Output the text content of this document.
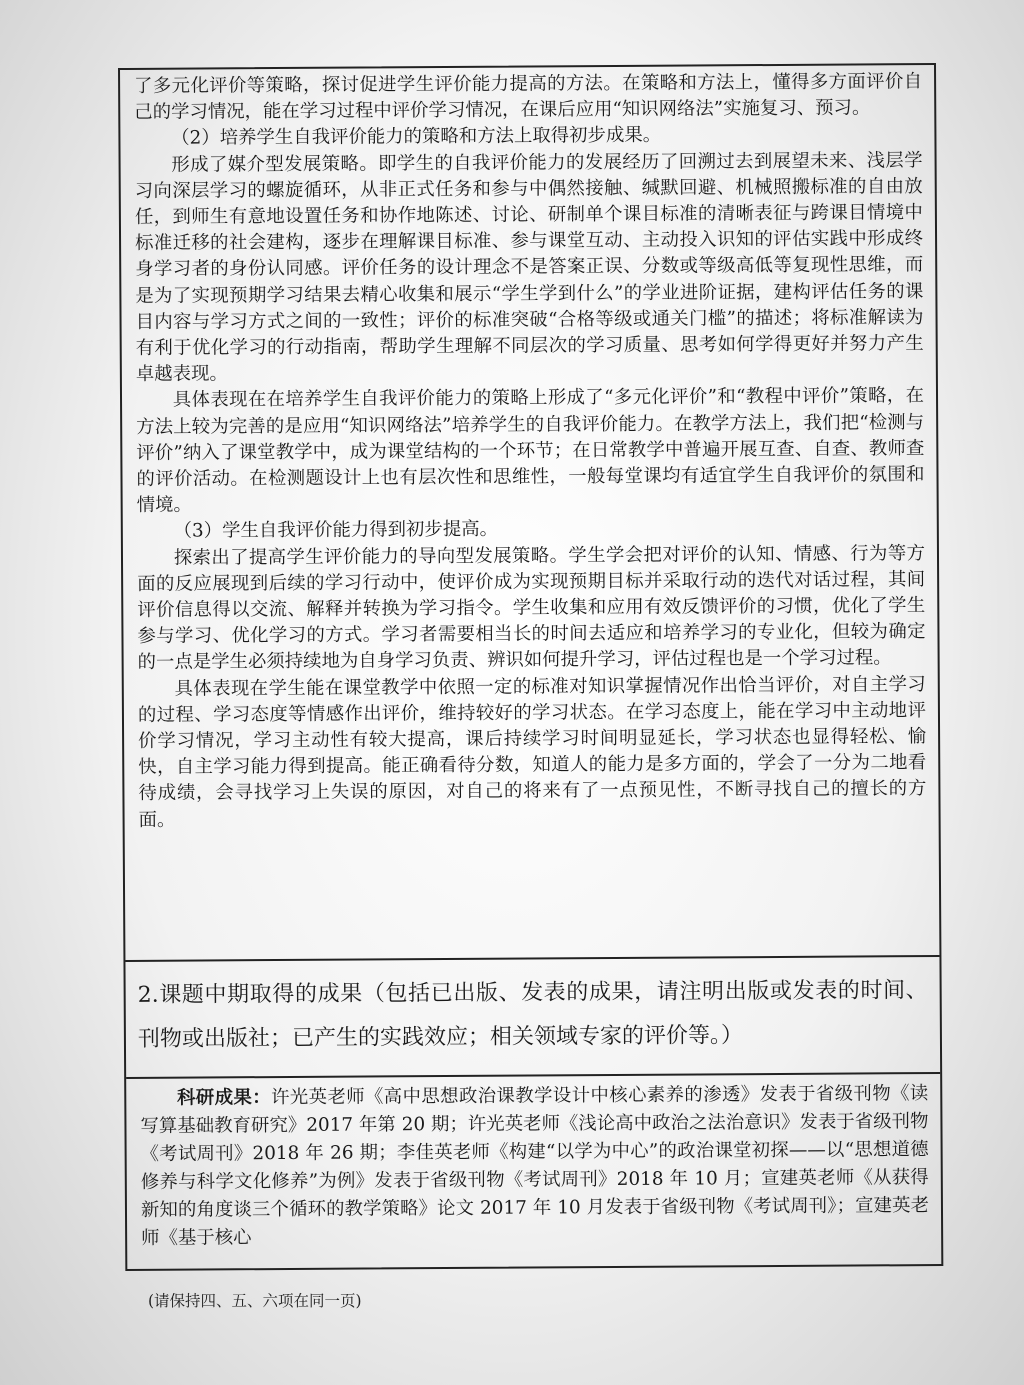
了多元化评价等策略，探讨促进学生评价能力提高的方法。在策略和方法上，懂得多方面评价自己的学习情况，能在学习过程中评价学习情况，在课后应用“知识网络法”实施复习、预习。

（2）培养学生自我评价能力的策略和方法上取得初步成果。

形成了媒介型发展策略。即学生的自我评价能力的发展经历了回溯过去到展望未来、浅层学习向深层学习的螺旋循环，从非正式任务和参与中偶然接触、缄默回避、机械照搬标准的自由放任，到师生有意地设置任务和协作地陈述、讨论、研制单个课目标准的清晰表征与跨课目情境中标准迁移的社会建构，逐步在理解课目标准、参与课堂互动、主动投入识知的评估实践中形成终身学习者的身份认同感。评价任务的设计理念不是答案正误、分数或等级高低等复现性思维，而是为了实现预期学习结果去精心收集和展示“学生学到什么”的学业进阶证据，建构评估任务的课目内容与学习方式之间的一致性；评价的标准突破“合格等级或通关门槛”的描述；将标准解读为有利于优化学习的行动指南，帮助学生理解不同层次的学习质量、思考如何学得更好并努力产生卓越表现。

具体表现在在培养学生自我评价能力的策略上形成了“多元化评价”和“教程中评价”策略，在方法上较为完善的是应用“知识网络法”培养学生的自我评价能力。在教学方法上，我们把“检测与评价”纳入了课堂教学中，成为课堂结构的一个环节；在日常教学中普遍开展互查、自查、教师查的评价活动。在检测题设计上也有层次性和思维性，一般每堂课均有适宜学生自我评价的氛围和情境。

（3）学生自我评价能力得到初步提高。

探索出了提高学生评价能力的导向型发展策略。学生学会把对评价的认知、情感、行为等方面的反应展现到后续的学习行动中，使评价成为实现预期目标并采取行动的迭代对话过程，其间评价信息得以交流、解释并转换为学习指令。学生收集和应用有效反馈评价的习惯，优化了学生参与学习、优化学习的方式。学习者需要相当长的时间去适应和培养学习的专业化，但较为确定的一点是学生必须持续地为自身学习负责、辨识如何提升学习，评估过程也是一个学习过程。

具体表现在学生能在课堂教学中依照一定的标准对知识掌握情况作出恰当评价，对自主学习的过程、学习态度等情感作出评价，维持较好的学习状态。在学习态度上，能在学习中主动地评价学习情况，学习主动性有较大提高，课后持续学习时间明显延长，学习状态也显得轻松、愉快，自主学习能力得到提高。能正确看待分数，知道人的能力是多方面的，学会了一分为二地看待成绩，会寻找学习上失误的原因，对自己的将来有了一点预见性，不断寻找自己的擅长的方面。

2.课题中期取得的成果（包括已出版、发表的成果，请注明出版或发表的时间、刊物或出版社；已产生的实践效应；相关领域专家的评价等。）

科研成果：许光英老师《高中思想政治课教学设计中核心素养的渗透》发表于省级刊物《读写算基础教育研究》2017 年第 20 期；许光英老师《浅论高中政治之法治意识》发表于省级刊物《考试周刊》2018 年 26 期；李佳英老师《构建“以学为中心”的政治课堂初探——以“思想道德修养与科学文化修养”为例》发表于省级刊物《考试周刊》2018 年 10 月；宣建英老师《从获得新知的角度谈三个循环的教学策略》论文 2017 年 10 月发表于省级刊物《考试周刊》；宣建英老师《基于核心

(请保持四、五、六项在同一页)
